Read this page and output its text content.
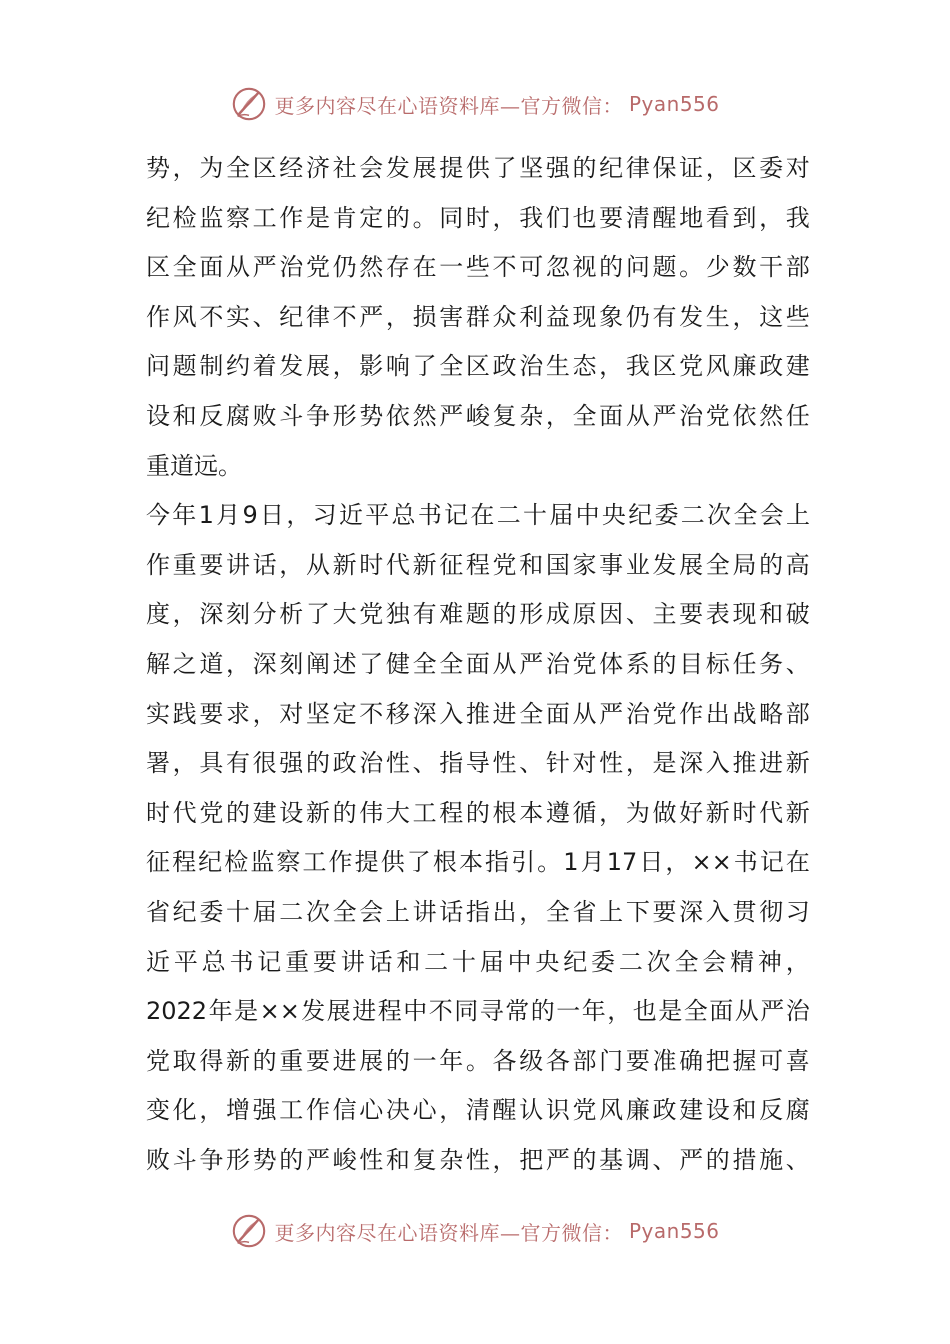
更多内容尽在心语资料库—官方微信： Pyan556
势 ， 为 全 区 经 济 社 会 发 展 提 供 了 坚 强 的 纪 律 保 证 ， 区 委 对
纪 检 监 察 工 作 是 肯 定 的 。 同 时 ， 我 们 也 要 清 醒 地 看 到 ， 我
区 全 面 从 严 治 党 仍 然 存 在 一 些 不 可 忽 视 的 问 题 。 少 数 干 部
作 风 不 实 、 纪 律 不 严 ， 损 害 群 众 利 益 现 象 仍 有 发 生 ， 这 些
问 题 制 约 着 发 展 ， 影 响 了 全 区 政 治 生 态 ， 我 区 党 风 廉 政 建
设 和 反 腐 败 斗 争 形 势 依 然 严 峻 复 杂 ， 全 面 从 严 治 党 依 然 任
重道远。
今 年 1 月 9 日 ， 习 近 平 总 书 记 在 二 十 届 中 央 纪 委 二 次 全 会 上
作 重 要 讲 话 ， 从 新 时 代 新 征 程 党 和 国 家 事 业 发 展 全 局 的 高
度 ， 深 刻 分 析 了 大 党 独 有 难 题 的 形 成 原 因 、 主 要 表 现 和 破
解 之 道 ， 深 刻 阐 述 了 健 全 全 面 从 严 治 党 体 系 的 目 标 任 务 、
实 践 要 求 ， 对 坚 定 不 移 深 入 推 进 全 面 从 严 治 党 作 出 战 略 部
署 ， 具 有 很 强 的 政 治 性 、 指 导 性 、 针 对 性 ， 是 深 入 推 进 新
时 代 党 的 建 设 新 的 伟 大 工 程 的 根 本 遵 循 ， 为 做 好 新 时 代 新
征 程 纪 检 监 察 工 作 提 供 了 根 本 指 引 。 1 月 17 日 ， ×× 书 记 在
省 纪 委 十 届 二 次 全 会 上 讲 话 指 出 ， 全 省 上 下 要 深 入 贯 彻 习
近 平 总 书 记 重 要 讲 话 和 二 十 届 中 央 纪 委 二 次 全 会 精 神 ，
2022 年 是 ×× 发 展 进 程 中 不 同 寻 常 的 一 年 ， 也 是 全 面 从 严 治
党 取 得 新 的 重 要 进 展 的 一 年 。 各 级 各 部 门 要 准 确 把 握 可 喜
变 化 ， 增 强 工 作 信 心 决 心 ， 清 醒 认 识 党 风 廉 政 建 设 和 反 腐
败 斗 争 形 势 的 严 峻 性 和 复 杂 性 ， 把 严 的 基 调 、 严 的 措 施 、
更多内容尽在心语资料库—官方微信： Pyan556
